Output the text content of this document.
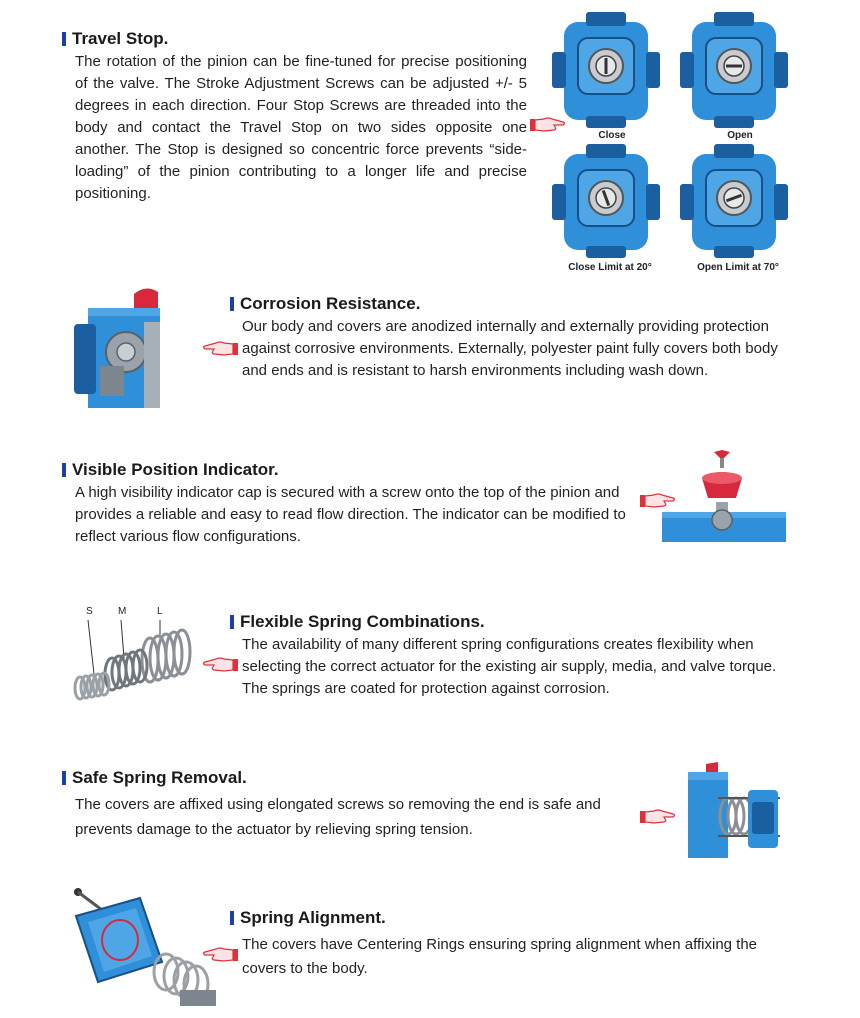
Travel Stop.
The rotation of the pinion can be fine-tuned for precise positioning of the valve. The Stroke Adjustment Screws can be adjusted +/- 5 degrees in each direction. Four Stop Screws are threaded into the body and contact the Travel Stop on two sides opposite one another. The Stop is designed so concentric force prevents “side-loading” of the pinion contributing to a longer life and precise positioning.
Close	Open
Close Limit at 20°	Open Limit at 70°
Corrosion Resistance.
Our body and covers are anodized internally and externally providing protection against corrosive environments. Externally, polyester paint fully covers both body and ends and is resistant to harsh environments including wash down.
Visible Position Indicator.
A high visibility indicator cap is secured with a screw onto the top of the pinion and provides a reliable and easy to read flow direction. The indicator can be modified to reflect various flow configurations.
S	M	L
Flexible Spring Combinations.
The availability of many different spring configurations creates flexibility when selecting the correct actuator for the existing air supply, media, and valve torque. The springs are coated for protection against corrosion.
Safe Spring Removal.
The covers are affixed using elongated screws so removing the end is safe and prevents damage to the actuator by relieving spring tension.
Spring Alignment.
The covers have Centering Rings ensuring spring alignment when affixing the covers to the body.
